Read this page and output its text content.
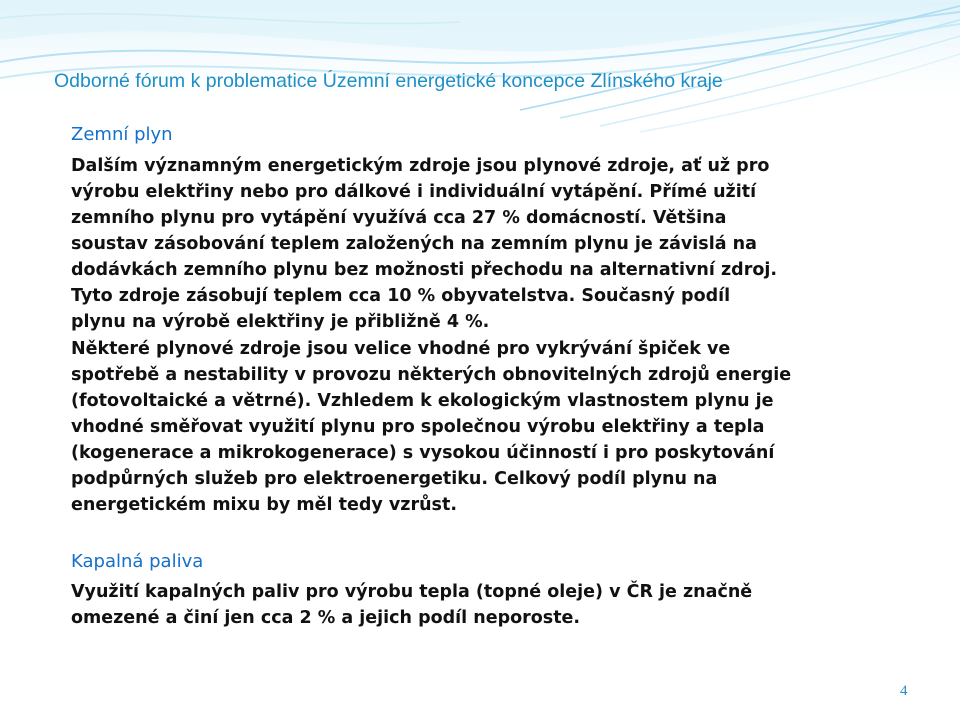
Odborné fórum k problematice Územní energetické koncepce Zlínského kraje
Zemní plyn

Dalším významným energetickým zdroje jsou plynové zdroje, ať už pro
výrobu elektřiny nebo pro dálkové i individuální vytápění. Přímé užití
zemního plynu pro vytápění využívá cca 27 % domácností. Většina
soustav zásobování teplem založených na zemním plynu je závislá na
dodávkách zemního plynu bez možnosti přechodu na alternativní zdroj.
Tyto zdroje zásobují teplem cca 10 % obyvatelstva. Současný podíl
plynu na výrobě elektřiny je přibližně 4 %.

Některé plynové zdroje jsou velice vhodné pro vykrývání špiček ve
spotřebě a nestability v provozu některých obnovitelných zdrojů energie
(fotovoltaické a větrné). Vzhledem k ekologickým vlastnostem plynu je
vhodné směřovat využití plynu pro společnou výrobu elektřiny a tepla
(kogenerace a mikrokogenerace) s vysokou účinností i pro poskytování
podpůrných služeb pro elektroenergetiku. Celkový podíl plynu na
energetickém mixu by měl tedy vzrůst.

Kapalná paliva

Využití kapalných paliv pro výrobu tepla (topné oleje) v ČR je značně
omezené a činí jen cca 2 % a jejich podíl neporoste.

4
